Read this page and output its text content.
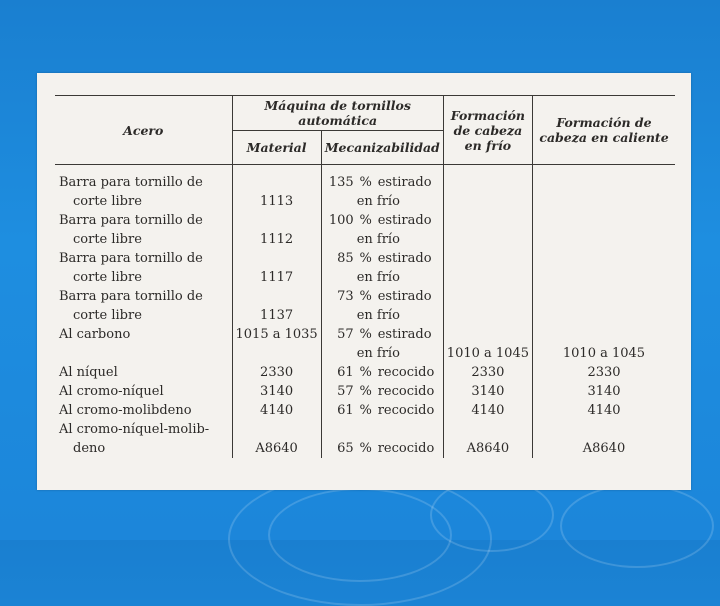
Acero	Máquina de tornillos automática		Formación de cabeza en frío	Formación de cabeza en caliente
	Material	Mecanizabilidad		

Barra para tornillo de		135 % estirado		
corte libre	1113	en frío		
Barra para tornillo de		100 % estirado		
corte libre	1112	en frío		
Barra para tornillo de		85 % estirado		
corte libre	1117	en frío		
Barra para tornillo de		73 % estirado		
corte libre	1137	en frío		
Al carbono	1015 a 1035	57 % estirado		
		en frío	1010 a 1045	1010 a 1045
Al níquel	2330	61 % recocido	2330	2330
Al cromo-níquel	3140	57 % recocido	3140	3140
Al cromo-molibdeno	4140	61 % recocido	4140	4140
Al cromo-níquel-molib-				
deno	A8640	65 % recocido	A8640	A8640
